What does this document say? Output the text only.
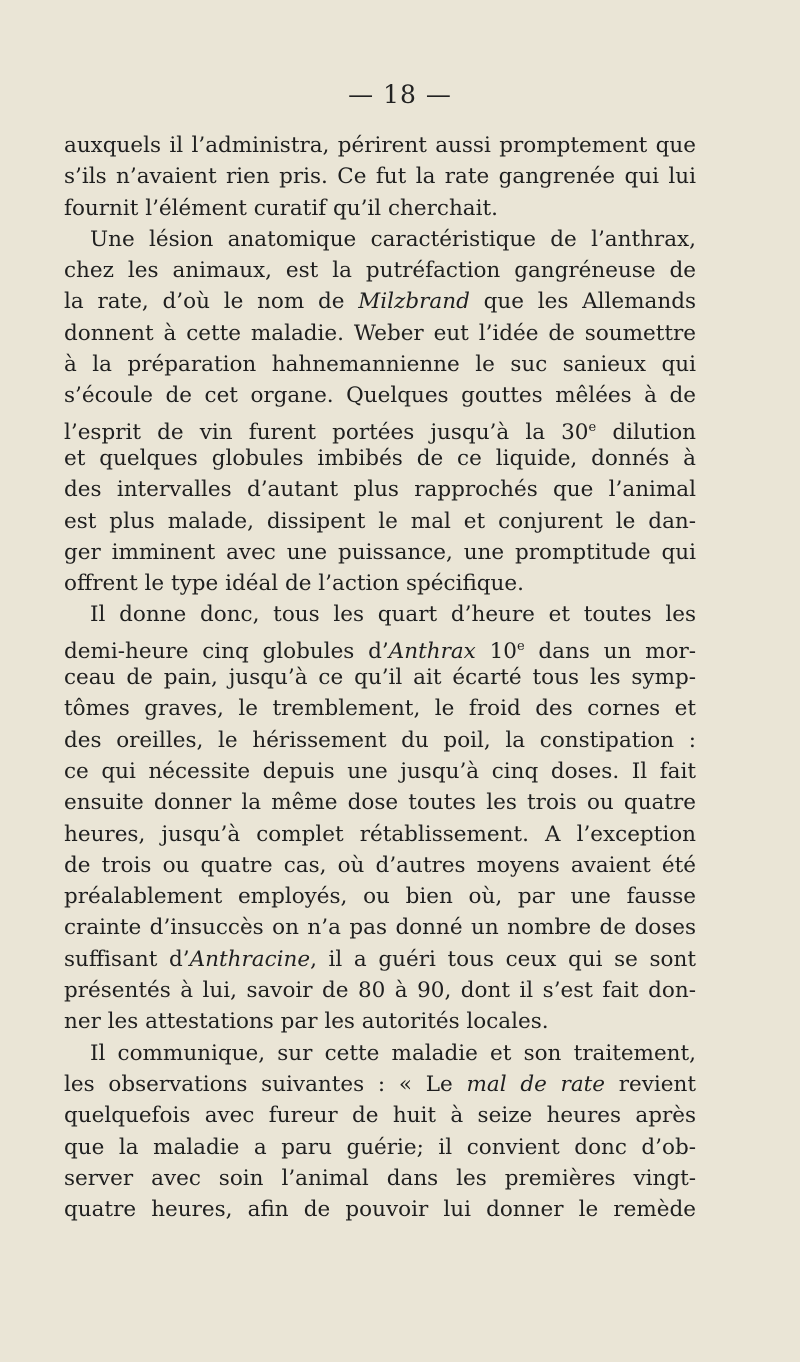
— 18 —
auxquels il l’administra, périrent aussi promptement que
s’ils n’avaient rien pris. Ce fut la rate gangrenée qui lui
fournit l’élément curatif qu’il cherchait.
Une lésion anatomique caractéristique de l’anthrax,
chez les animaux, est la putréfaction gangréneuse de
la rate, d’où le nom de Milzbrand que les Allemands
donnent à cette maladie. Weber eut l’idée de soumettre
à la préparation hahnemannienne le suc sanieux qui
s’écoule de cet organe. Quelques gouttes mêlées à de
l’esprit de vin furent portées jusqu’à la 30e dilution
et quelques globules imbibés de ce liquide, donnés à
des intervalles d’autant plus rapprochés que l’animal
est plus malade, dissipent le mal et conjurent le dan-
ger imminent avec une puissance, une promptitude qui
offrent le type idéal de l’action spécifique.
Il donne donc, tous les quart d’heure et toutes les
demi-heure cinq globules d’Anthrax 10e dans un mor-
ceau de pain, jusqu’à ce qu’il ait écarté tous les symp-
tômes graves, le tremblement, le froid des cornes et
des oreilles, le hérissement du poil, la constipation :
ce qui nécessite depuis une jusqu’à cinq doses. Il fait
ensuite donner la même dose toutes les trois ou quatre
heures, jusqu’à complet rétablissement. A l’exception
de trois ou quatre cas, où d’autres moyens avaient été
préalablement employés, ou bien où, par une fausse
crainte d’insuccès on n’a pas donné un nombre de doses
suffisant d’Anthracine, il a guéri tous ceux qui se sont
présentés à lui, savoir de 80 à 90, dont il s’est fait don-
ner les attestations par les autorités locales.
Il communique, sur cette maladie et son traitement,
les observations suivantes : « Le mal de rate revient
quelquefois avec fureur de huit à seize heures après
que la maladie a paru guérie; il convient donc d’ob-
server avec soin l’animal dans les premières vingt-
quatre heures, afin de pouvoir lui donner le remède
